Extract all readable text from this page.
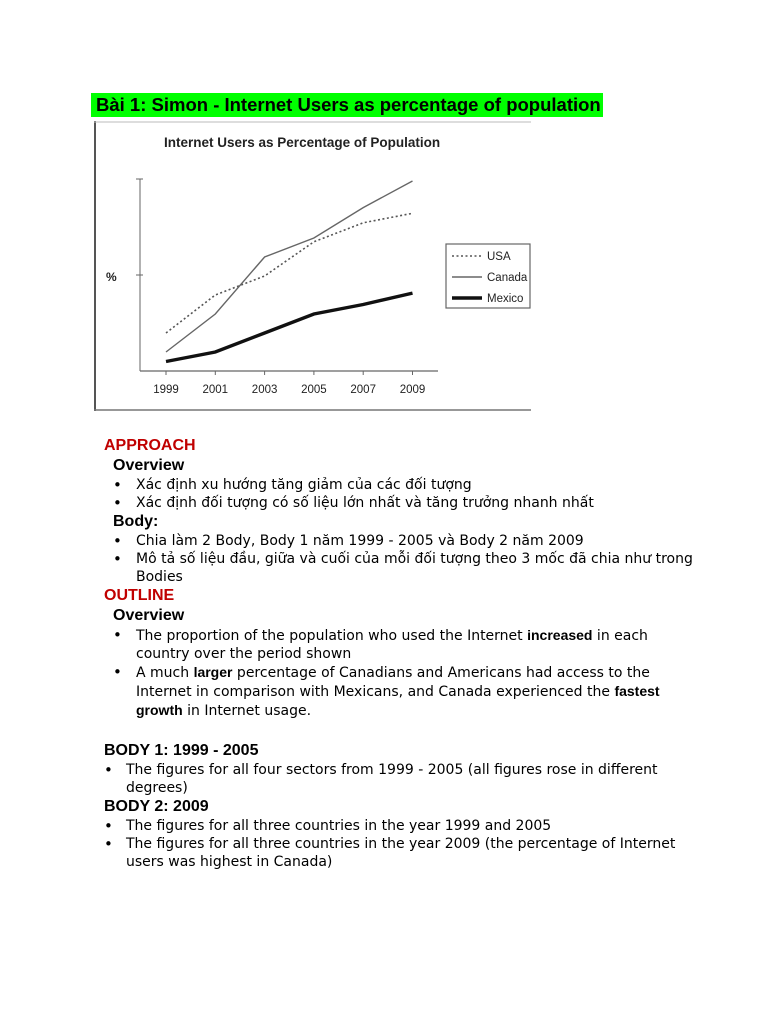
Bài 1: Simon - Internet Users as percentage of population
Internet Users as Percentage of Population
%
1999 2001 2003 2005 2007 2009
USA
Canada
Mexico
APPROACH
Overview
• Xác định xu hướng tăng giảm của các đối tượng
• Xác định đối tượng có số liệu lớn nhất và tăng trưởng nhanh nhất
Body:
• Chia làm 2 Body, Body 1 năm 1999 - 2005 và Body 2 năm 2009
• Mô tả số liệu đầu, giữa và cuối của mỗi đối tượng theo 3 mốc đã chia như trong Bodies
OUTLINE
Overview
• The proportion of the population who used the Internet increased in each country over the period shown
• A much larger percentage of Canadians and Americans had access to the Internet in comparison with Mexicans, and Canada experienced the fastest growth in Internet usage.
BODY 1: 1999 - 2005
• The figures for all four sectors from 1999 - 2005 (all figures rose in different degrees)
BODY 2: 2009
• The figures for all three countries in the year 1999 and 2005
• The figures for all three countries in the year 2009 (the percentage of Internet users was highest in Canada)
